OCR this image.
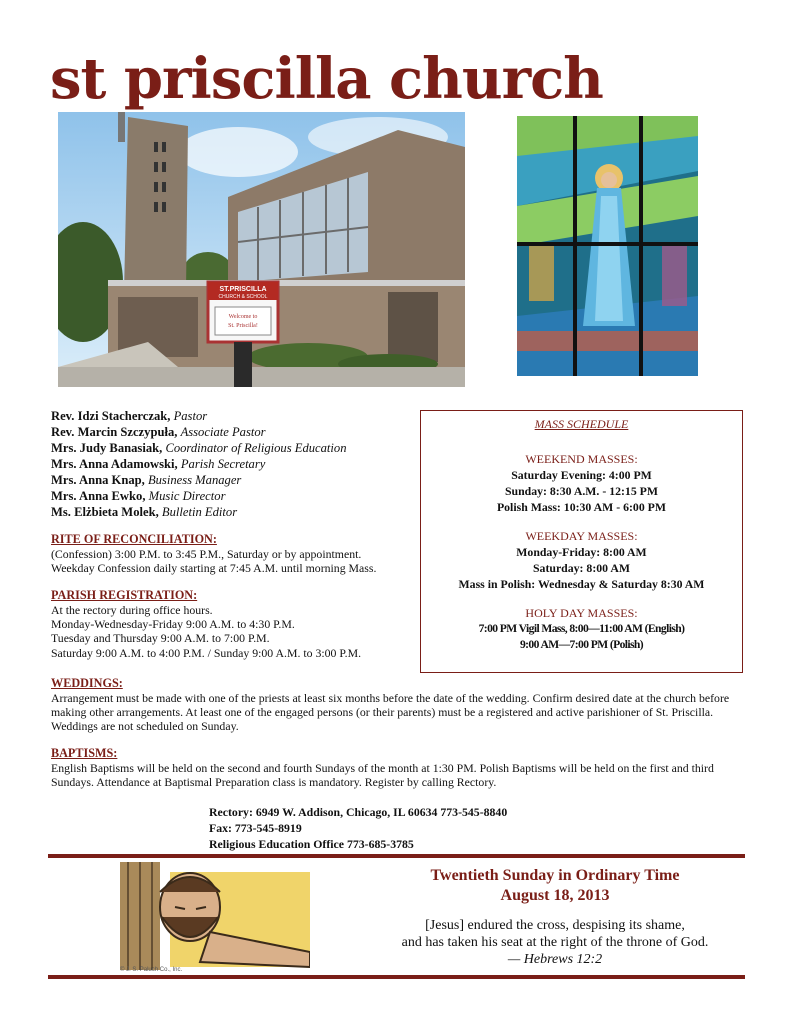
st priscilla church
ST.PRISCILLA
CHURCH & SCHOOL
Welcome to
St. Priscilla!
Rev. Idzi Stacherczak, Pastor
Rev. Marcin Szczypuła, Associate Pastor
Mrs. Judy Banasiak, Coordinator of Religious Education
Mrs. Anna Adamowski, Parish Secretary
Mrs. Anna Knap, Business Manager
Mrs. Anna Ewko, Music Director
Ms. Elżbieta Molek, Bulletin Editor
RITE OF RECONCILIATION:
(Confession) 3:00 P.M. to 3:45 P.M., Saturday or by appointment.
Weekday Confession daily starting at 7:45 A.M. until morning Mass.
PARISH REGISTRATION:
At the rectory during office hours.
Monday-Wednesday-Friday 9:00 A.M. to 4:30 P.M.
Tuesday and Thursday 9:00 A.M. to 7:00 P.M.
Saturday 9:00 A.M. to 4:00 P.M. / Sunday 9:00 A.M. to 3:00 P.M.
MASS SCHEDULE
WEEKEND MASSES:
Saturday Evening: 4:00 PM
Sunday: 8:30 A.M. - 12:15 PM
Polish Mass: 10:30 AM - 6:00 PM
WEEKDAY MASSES:
Monday-Friday: 8:00 AM
Saturday: 8:00 AM
Mass in Polish: Wednesday & Saturday 8:30 AM
HOLY DAY MASSES:
7:00 PM Vigil Mass, 8:00—11:00 AM (English)
9:00 AM—7:00 PM (Polish)
WEDDINGS:
Arrangement must be made with one of the priests at least six months before the date of the wedding. Confirm desired date at the church before making other arrangements. At least one of the engaged persons (or their parents) must be a registered and active parishioner of St. Priscilla. Weddings are not scheduled on Sunday.
BAPTISMS:
English Baptisms will be held on the second and fourth Sundays of the month at 1:30 PM. Polish Baptisms will be held on the first and third Sundays. Attendance at Baptismal Preparation class is mandatory. Register by calling Rectory.
Rectory: 6949 W. Addison, Chicago, IL 60634 773-545-8840
Fax: 773-545-8919
Religious Education Office 773-685-3785
© J. S. Paluch Co., Inc.
Twentieth Sunday in Ordinary Time
August 18, 2013
[Jesus] endured the cross, despising its shame,
and has taken his seat at the right of the throne of God.
— Hebrews 12:2
